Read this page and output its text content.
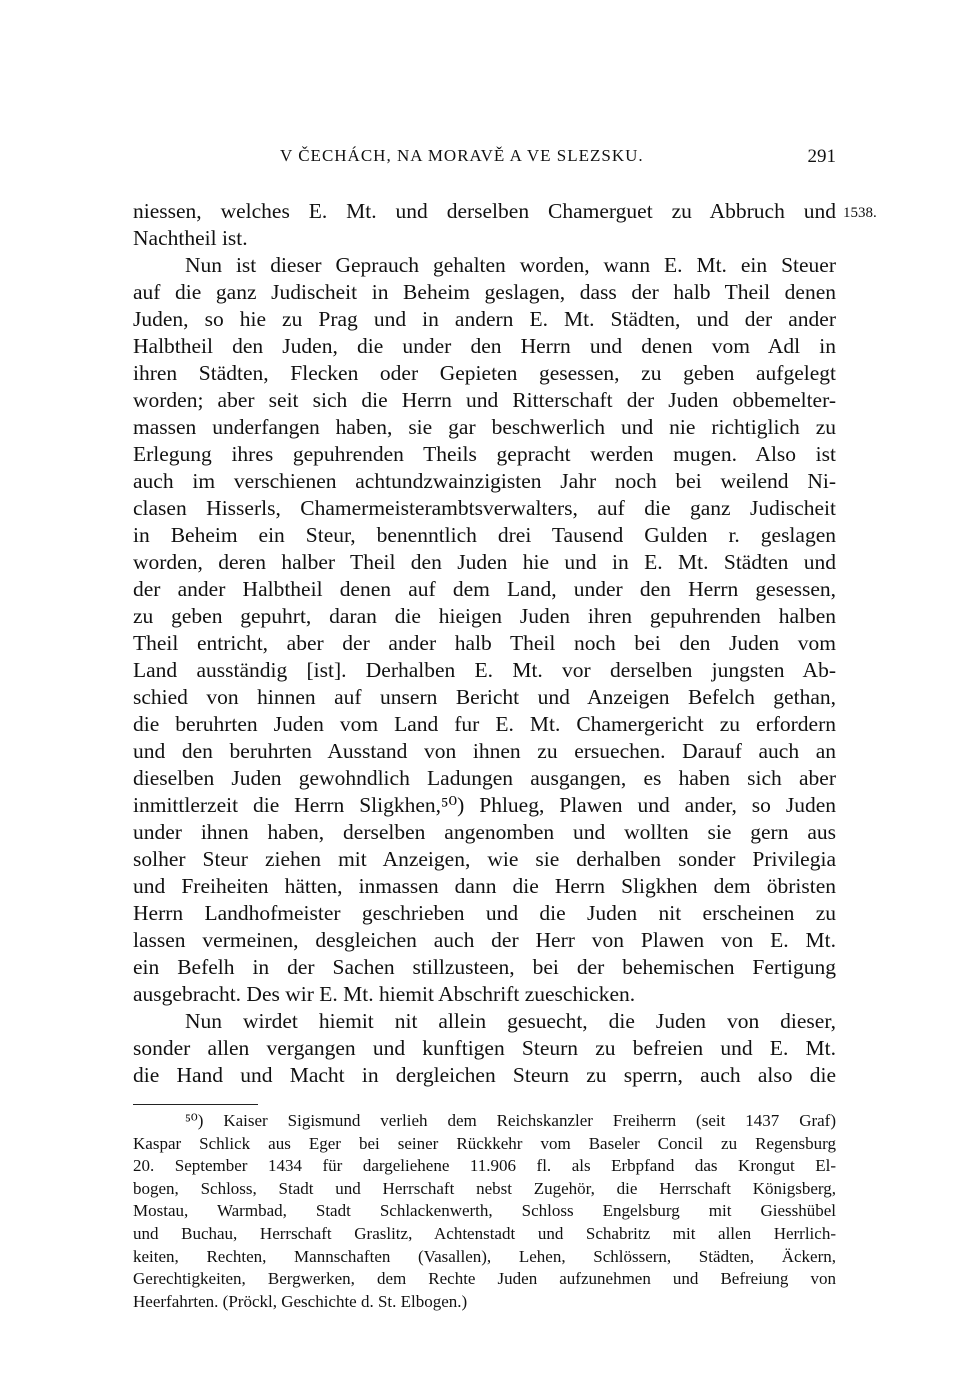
V ČECHÁCH, NA MORAVĚ A VE SLEZSKU.	291
1538.
niessen, welches E. Mt. und derselben Chamerguet zu Abbruch und
Nachtheil ist.
Nun ist dieser Geprauch gehalten worden, wann E. Mt. ein Steuer
auf die ganz Judischeit in Beheim geslagen, dass der halb Theil denen
Juden, so hie zu Prag und in andern E. Mt. Städten, und der ander
Halbtheil den Juden, die under den Herrn und denen vom Adl in
ihren Städten, Flecken oder Gepieten gesessen, zu geben aufgelegt
worden; aber seit sich die Herrn und Ritterschaft der Juden obbemelter-
massen underfangen haben, sie gar beschwerlich und nie richtiglich zu
Erlegung ihres gepuhrenden Theils gepracht werden mugen. Also ist
auch im verschienen achtundzwainzigisten Jahr noch bei weilend Ni-
clasen Hisserls, Chamermeisterambtsverwalters, auf die ganz Judischeit
in Beheim ein Steur, benenntlich drei Tausend Gulden r. geslagen
worden, deren halber Theil den Juden hie und in E. Mt. Städten und
der ander Halbtheil denen auf dem Land, under den Herrn gesessen,
zu geben gepuhrt, daran die hieigen Juden ihren gepuhrenden halben
Theil entricht, aber der ander halb Theil noch bei den Juden vom
Land ausständig [ist]. Derhalben E. Mt. vor derselben jungsten Ab-
schied von hinnen auf unsern Bericht und Anzeigen Befelch gethan,
die beruhrten Juden vom Land fur E. Mt. Chamergericht zu erfordern
und den beruhrten Ausstand von ihnen zu ersuechen. Darauf auch an
dieselben Juden gewohndlich Ladungen ausgangen, es haben sich aber
inmittlerzeit die Herrn Sligkhen,⁵⁰) Phlueg, Plawen und ander, so Juden
under ihnen haben, derselben angenomben und wollten sie gern aus
solher Steur ziehen mit Anzeigen, wie sie derhalben sonder Privilegia
und Freiheiten hätten, inmassen dann die Herrn Sligkhen dem öbristen
Herrn Landhofmeister geschrieben und die Juden nit erscheinen zu
lassen vermeinen, desgleichen auch der Herr von Plawen von E. Mt.
ein Befelh in der Sachen stillzusteen, bei der behemischen Fertigung
ausgebracht. Des wir E. Mt. hiemit Abschrift zueschicken.
Nun wirdet hiemit nit allein gesuecht, die Juden von dieser,
sonder allen vergangen und kunftigen Steurn zu befreien und E. Mt.
die Hand und Macht in dergleichen Steurn zu sperrn, auch also die
⁵⁰) Kaiser Sigismund verlieh dem Reichskanzler Freiherrn (seit 1437 Graf)
Kaspar Schlick aus Eger bei seiner Rückkehr vom Baseler Concil zu Regensburg
20. September 1434 für dargeliehene 11.906 fl. als Erbpfand das Krongut El-
bogen, Schloss, Stadt und Herrschaft nebst Zugehör, die Herrschaft Königsberg,
Mostau, Warmbad, Stadt Schlackenwerth, Schloss Engelsburg mit Giesshübel
und Buchau, Herrschaft Graslitz, Achtenstadt und Schabritz mit allen Herrlich-
keiten, Rechten, Mannschaften (Vasallen), Lehen, Schlössern, Städten, Äckern,
Gerechtigkeiten, Bergwerken, dem Rechte Juden aufzunehmen und Befreiung von
Heerfahrten. (Pröckl, Geschichte d. St. Elbogen.)
